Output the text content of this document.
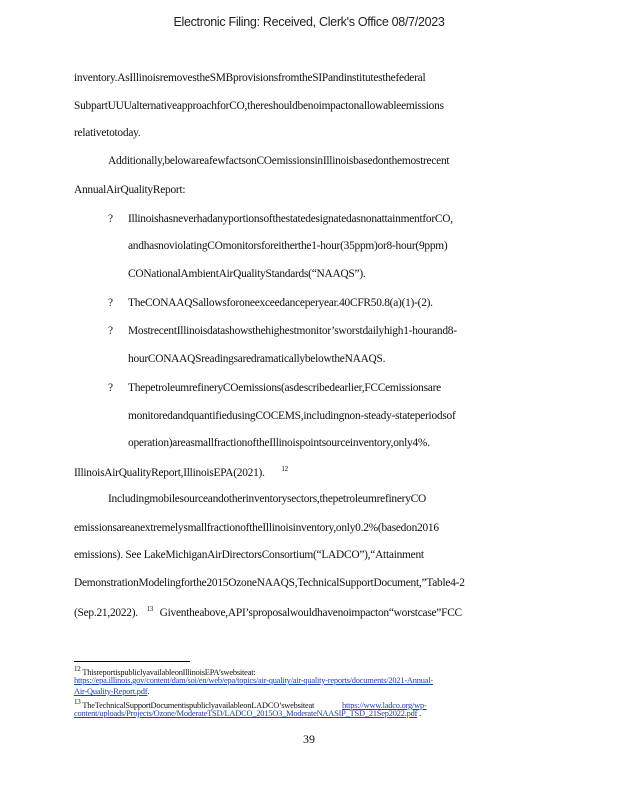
Electronic Filing: Received, Clerk's Office 08/7/2023
inventory.AsIllinoisremovestheSMBprovisionsfromtheSIPandinstitutesthefederal
SubpartUUUalternativeapproachforCO,thereshouldbenoimpactonallowableemissions
relativetotoday.
Additionally,belowareafewfactsonCOemissionsinIllinoisbasedonthemostrecent
AnnualAirQualityReport:
? IllinoishasneverhadanyportionsofthestatedesignatedasnonattainmentforCO,
andhasnoviolatingCOmonitorsforeitherthe1-hour(35ppm)or8-hour(9ppm)
CONationalAmbientAirQualityStandards(“NAAQS”).
? TheCONAAQSallowsforoneexceedanceperyear.40CFR50.8(a)(1)-(2).
? MostrecentIllinoisdatashowsthehighestmonitor’sworstdailyhigh1-hourand8-
hourCONAAQSreadingsaredramaticallybelowtheNAAQS.
? ThepetroleumrefineryCOemissions(asdescribedearlier,FCCemissionsare
monitoredandquantifiedusingCOCEMS,includingnon-steady-stateperiodsof
operation)areasmallfractionoftheIllinoispointsourceinventory,only4%.
IllinoisAirQualityReport,IllinoisEPA(2021). $^{12}$
Includingmobilesourceandotherinventorysectors,thepetroleumrefineryCO
emissionsareanextremelysmallfractionoftheIllinoisinventory,only0.2%(basedon2016
emissions). See LakeMichiganAirDirectorsConsortium(“LADCO”),“Attainment
DemonstrationModelingforthe2015OzoneNAAQS,TechnicalSupportDocument,”Table4-2
(Sep.21,2022). $^{13}$ Giventheabove,API’sproposalwouldhavenoimpacton“worstcase”FCC
$^{12}$ ThisreportispubliclyavailableonIllinoisEPA’swebsiteat:
https://epa.illinois.gov/content/dam/soi/en/web/epa/topics/air-quality/air-quality-reports/documents/2021-Annual-
Air-Quality-Report.pdf.
$^{13}$ TheTechnicalSupportDocumentispubliclyavailableonLADCO’swebsiteat	https://www.ladco.org/wp-
content/uploads/Projects/Ozone/ModerateTSD/LADCO_2015O3_ModerateNAASIP_TSD_21Sep2022.pdf .
39
